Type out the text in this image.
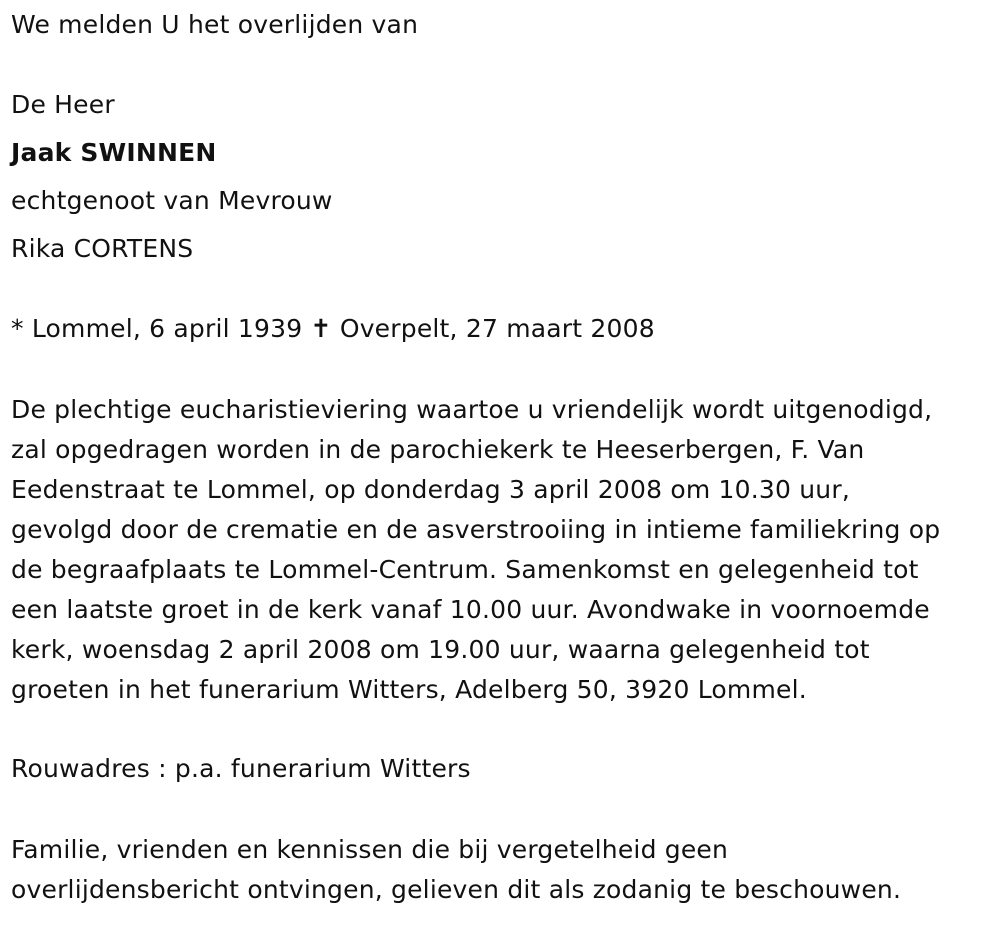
We melden U het overlijden van
De Heer
Jaak SWINNEN
echtgenoot van Mevrouw
Rika CORTENS
* Lommel, 6 april 1939 ✝ Overpelt, 27 maart 2008
De plechtige eucharistieviering waartoe u vriendelijk wordt uitgenodigd,
zal opgedragen worden in de parochiekerk te Heeserbergen, F. Van
Eedenstraat te Lommel, op donderdag 3 april 2008 om 10.30 uur,
gevolgd door de crematie en de asverstrooiing in intieme familiekring op
de begraafplaats te Lommel-Centrum. Samenkomst en gelegenheid tot
een laatste groet in de kerk vanaf 10.00 uur. Avondwake in voornoemde
kerk, woensdag 2 april 2008 om 19.00 uur, waarna gelegenheid tot
groeten in het funerarium Witters, Adelberg 50, 3920 Lommel.
Rouwadres : p.a. funerarium Witters
Familie, vrienden en kennissen die bij vergetelheid geen
overlijdensbericht ontvingen, gelieven dit als zodanig te beschouwen.
